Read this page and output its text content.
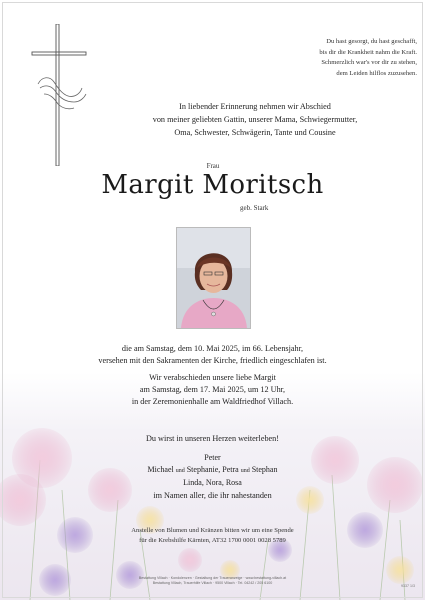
Du hast gesorgt, du hast geschafft,
bis dir die Krankheit nahm die Kraft.
Schmerzlich war's vor dir zu stehen,
dem Leiden hilflos zuzusehen.
In liebender Erinnerung nehmen wir Abschied
von meiner geliebten Gattin, unserer Mama, Schwiegermutter,
Oma, Schwester, Schwägerin, Tante und Cousine
Frau
Margit Moritsch
geb. Stark
die am Samstag, dem 10. Mai 2025, im 66. Lebensjahr,
versehen mit den Sakramenten der Kirche, friedlich eingeschlafen ist.
Wir verabschieden unsere liebe Margit
am Samstag, dem 17. Mai 2025, um 12 Uhr,
in der Zeremonienhalle am Waldfriedhof Villach.
Du wirst in unseren Herzen weiterleben!
Peter
Michael und Stephanie, Petra und Stephan
Linda, Nora, Rosa
im Namen aller, die ihr nahestanden
Anstelle von Blumen und Kränzen bitten wir um eine Spende
für die Krebshilfe Kärnten, AT32 1700 0001 0028 5789
Bestattung Villach · Kondolenzen · Gestaltung der Traueranzeige · www.bestattung-villach.at
Bestattung Villach, Trauerhilfe Villach · 9500 Villach · Tel. 04242 / 205 6100
9337 1/3
